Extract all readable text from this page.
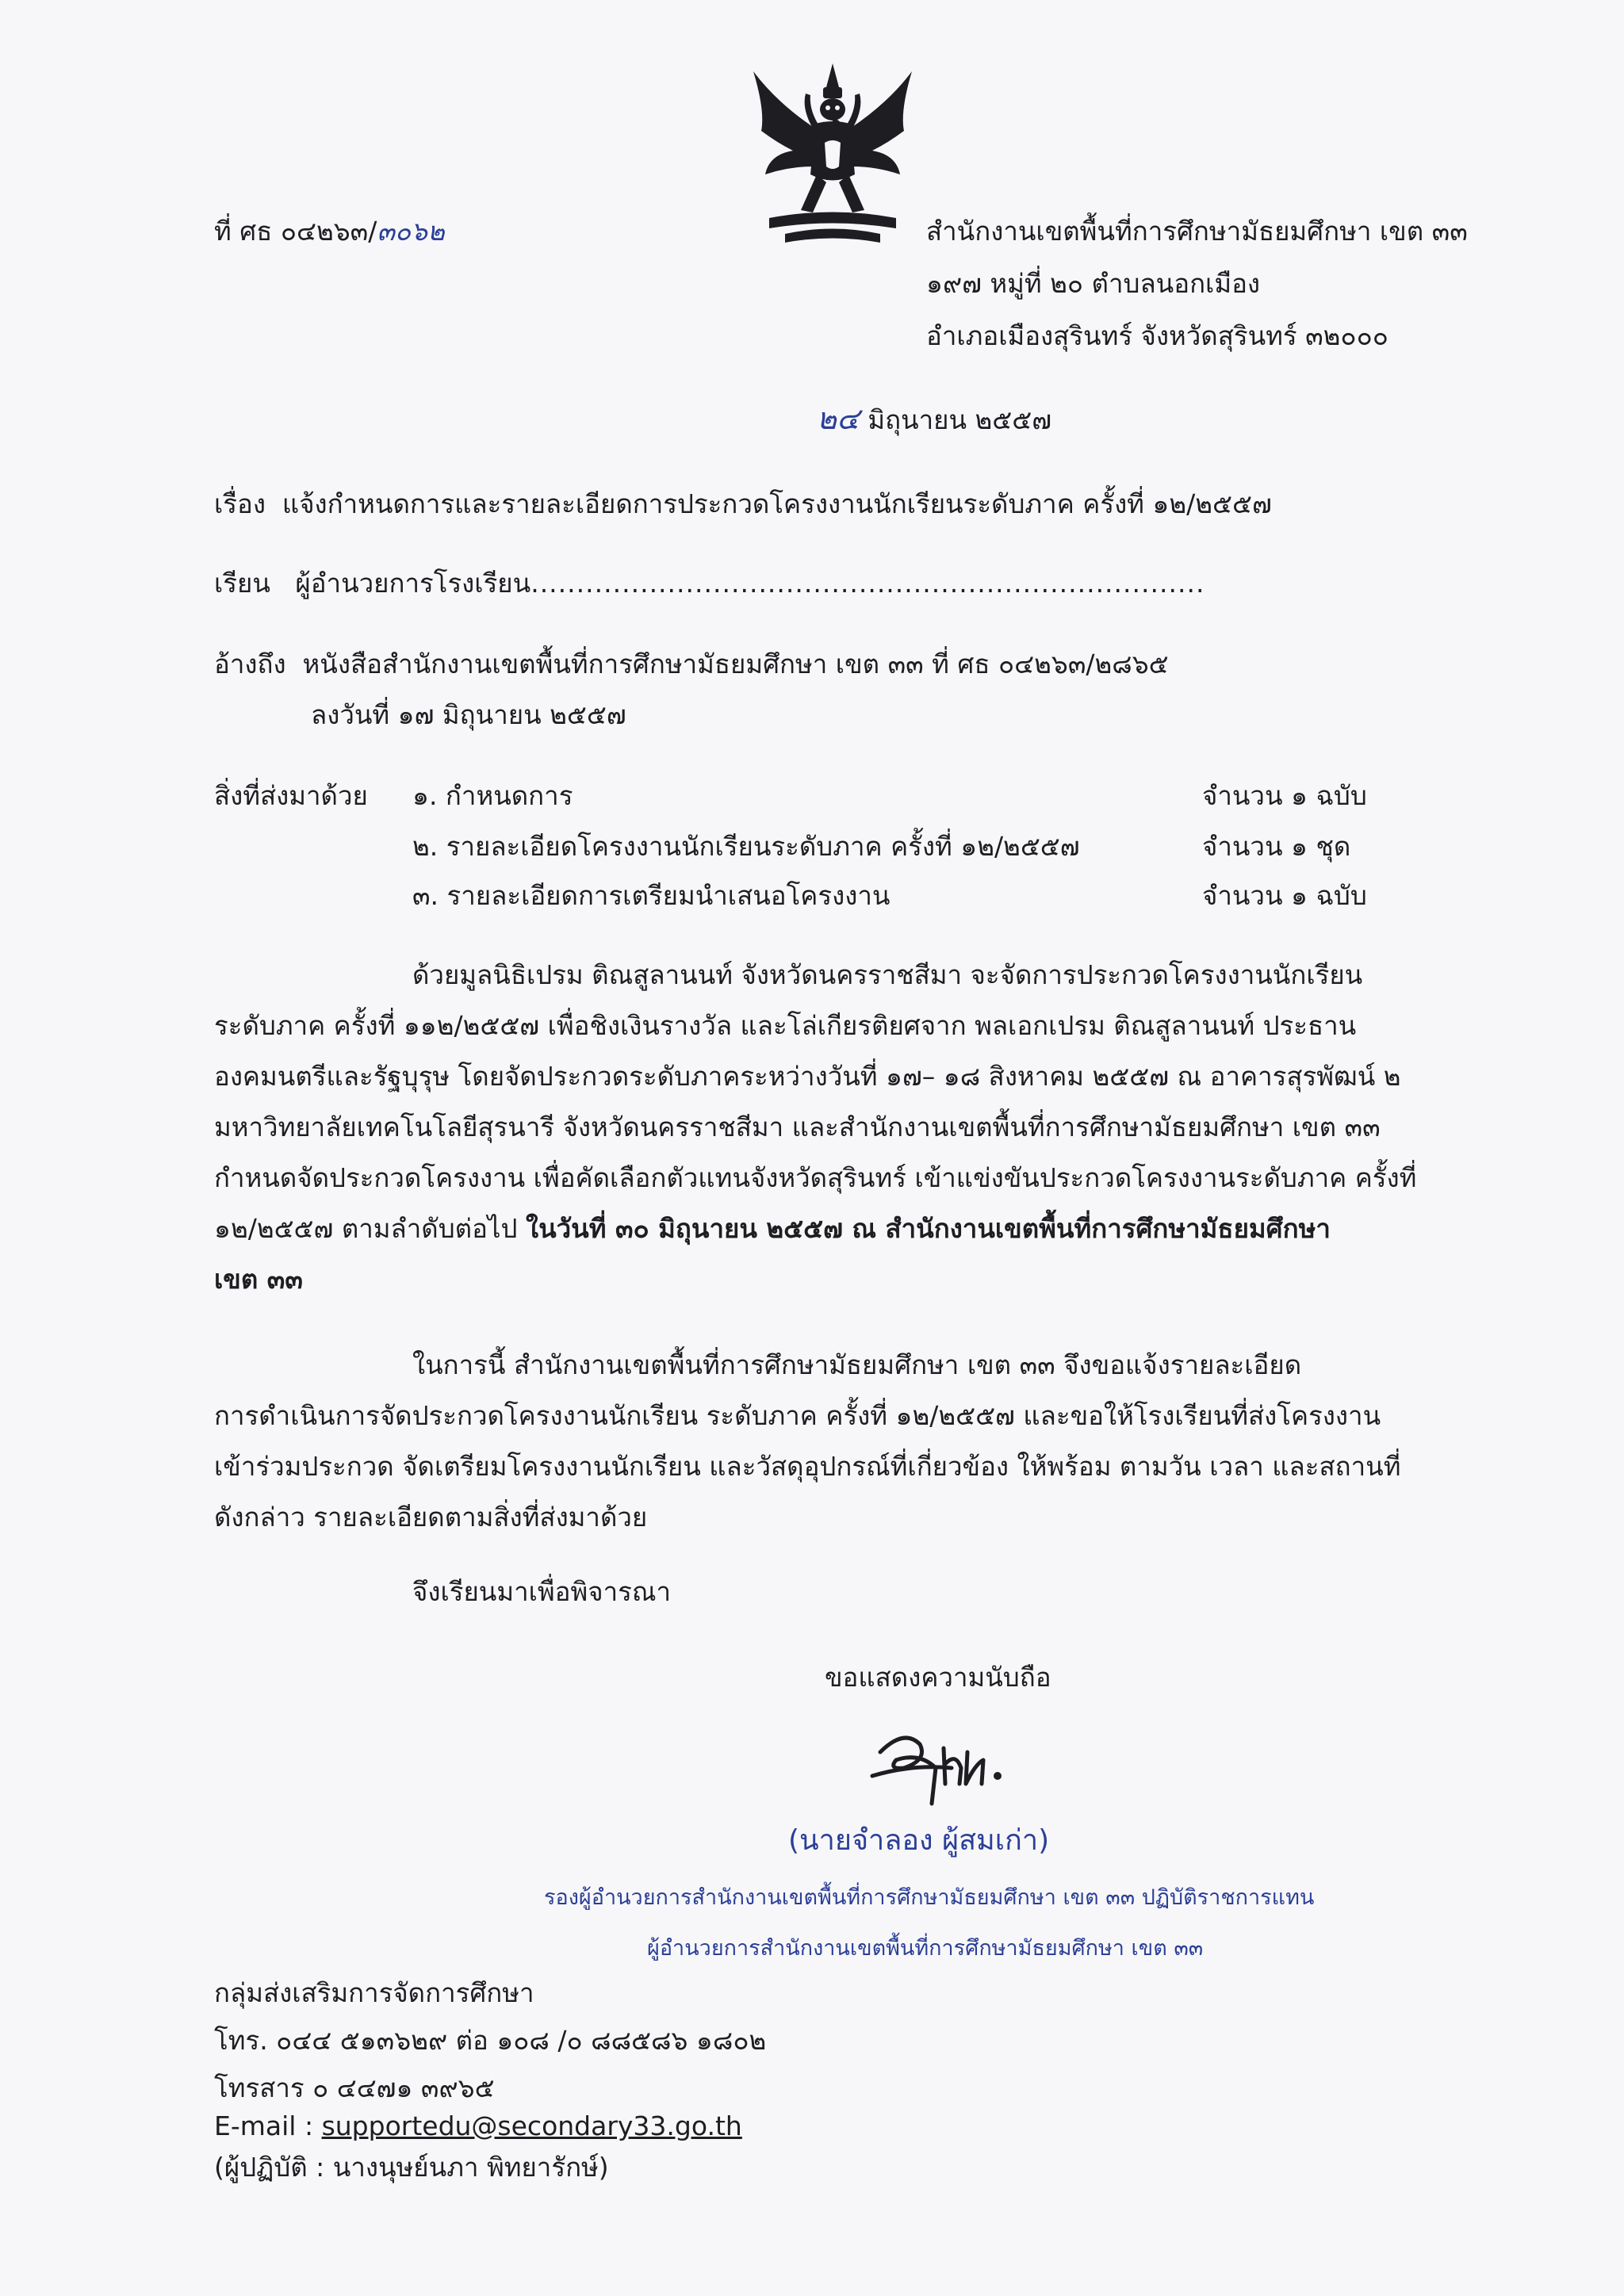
ที่ ศธ ๐๔๒๖๓/๓๐๖๒	สำนักงานเขตพื้นที่การศึกษามัธยมศึกษา เขต ๓๓
๑๙๗ หมู่ที่ ๒๐ ตำบลนอกเมือง
อำเภอเมืองสุรินทร์ จังหวัดสุรินทร์ ๓๒๐๐๐
๒๔ มิถุนายน ๒๕๕๗
เรื่อง แจ้งกำหนดการและรายละเอียดการประกวดโครงงานนักเรียนระดับภาค ครั้งที่ ๑๒/๒๕๕๗
เรียน ผู้อำนวยการโรงเรียน..........................................................................
อ้างถึง หนังสือสำนักงานเขตพื้นที่การศึกษามัธยมศึกษา เขต ๓๓ ที่ ศธ ๐๔๒๖๓/๒๘๖๕
ลงวันที่ ๑๗ มิถุนายน ๒๕๕๗
สิ่งที่ส่งมาด้วย ๑. กำหนดการ	จำนวน ๑ ฉบับ
๒. รายละเอียดโครงงานนักเรียนระดับภาค ครั้งที่ ๑๒/๒๕๕๗	จำนวน ๑ ชุด
๓. รายละเอียดการเตรียมนำเสนอโครงงาน	จำนวน ๑ ฉบับ
ด้วยมูลนิธิเปรม ติณสูลานนท์ จังหวัดนครราชสีมา จะจัดการประกวดโครงงานนักเรียน
ระดับภาค ครั้งที่ ๑๑๒/๒๕๕๗ เพื่อชิงเงินรางวัล และโล่เกียรติยศจาก พลเอกเปรม ติณสูลานนท์ ประธาน
องคมนตรีและรัฐบุรุษ โดยจัดประกวดระดับภาคระหว่างวันที่ ๑๗– ๑๘ สิงหาคม ๒๕๕๗ ณ อาคารสุรพัฒน์ ๒
มหาวิทยาลัยเทคโนโลยีสุรนารี จังหวัดนครราชสีมา และสำนักงานเขตพื้นที่การศึกษามัธยมศึกษา เขต ๓๓
กำหนดจัดประกวดโครงงาน เพื่อคัดเลือกตัวแทนจังหวัดสุรินทร์ เข้าแข่งขันประกวดโครงงานระดับภาค ครั้งที่
๑๒/๒๕๕๗ ตามลำดับต่อไป ในวันที่ ๓๐ มิถุนายน ๒๕๕๗ ณ สำนักงานเขตพื้นที่การศึกษามัธยมศึกษา
เขต ๓๓
ในการนี้ สำนักงานเขตพื้นที่การศึกษามัธยมศึกษา เขต ๓๓ จึงขอแจ้งรายละเอียด
การดำเนินการจัดประกวดโครงงานนักเรียน ระดับภาค ครั้งที่ ๑๒/๒๕๕๗ และขอให้โรงเรียนที่ส่งโครงงาน
เข้าร่วมประกวด จัดเตรียมโครงงานนักเรียน และวัสดุอุปกรณ์ที่เกี่ยวข้อง ให้พร้อม ตามวัน เวลา และสถานที่
ดังกล่าว รายละเอียดตามสิ่งที่ส่งมาด้วย
จึงเรียนมาเพื่อพิจารณา
ขอแสดงความนับถือ
(นายจำลอง ผู้สมเก่า)
รองผู้อำนวยการสำนักงานเขตพื้นที่การศึกษามัธยมศึกษา เขต ๓๓ ปฏิบัติราชการแทน
ผู้อำนวยการสำนักงานเขตพื้นที่การศึกษามัธยมศึกษา เขต ๓๓
กลุ่มส่งเสริมการจัดการศึกษา
โทร. ๐๔๔ ๕๑๓๖๒๙ ต่อ ๑๐๘ /๐ ๘๘๕๘๖ ๑๘๐๒
โทรสาร ๐ ๔๔๗๑ ๓๙๖๕
E-mail : supportedu@secondary33.go.th
(ผู้ปฏิบัติ : นางนุษย์นภา พิทยารักษ์)
